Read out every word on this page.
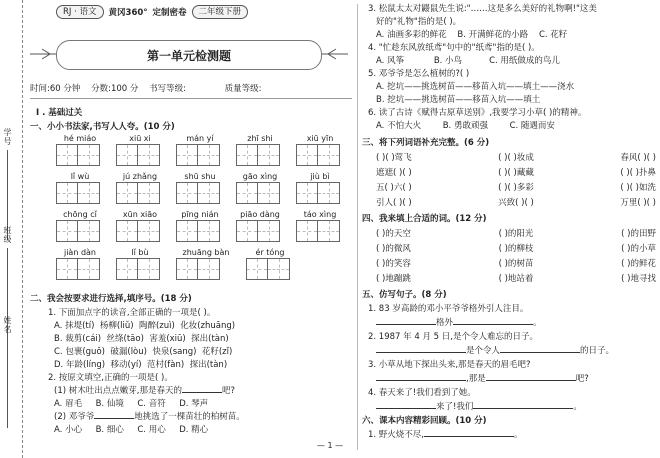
学号
班级
姓名
RJ · 语文	黄冈360° 定制密卷	二年级下册
第一单元检测题
时间:60 分钟 分数:100 分 书写等级:	质量等级:
Ⅰ . 基础过关
一、小小书法家,书写人人夸。(10 分)
hé miáo	xiū xi	mán yí	zhī shi	xiū yīn
lǐ wù	jú zhǎng	shū shu	gāo xìng	jiù bì
chōng cǐ	xūn xiāo	pīng nián	piāo dàng	táo xìng
jiàn dàn	lǐ bù	zhuāng bàn	ér tóng
二、我会按要求进行选择,填序号。(18 分)
1. 下面加点字的读音,全部正确的一项是( )。
A. 抹堤(tí) 杨柳(liǔ) 陶醉(zuì) 化妆(zhuāng)
B. 裁剪(cái) 丝绦(tāo) 害羞(xiū) 探出(tàn)
C. 包裹(guǒ) 破漏(lòu) 快泉(sang) 花籽(zǐ)
D. 年龄(líng) 移动(yí) 范村(fàn) 探出(tàn)
2. 按原文填空,正确的一项是( )。
(1) 树木吐出点点嫩芽,那是春天的	吧?
A. 眉毛 B. 仙境 C. 音符 D. 琴声
(2) 邓爷爷	地挑选了一棵苗壮的柏树苗。
A. 小心 B. 细心 C. 用心 D. 精心
3. 松鼠太太对鼹鼠先生说:"……这是多么美好的礼物啊!"这美
好的"礼物"指的是( )。
A. 油画多彩的鲜花 B. 开满鲜花的小路 C. 花籽
4. "忙趁东风放纸鸢"句中的"纸鸢"指的是( )。
A. 风筝	B. 小鸟	C. 用纸做成的鸟儿
5. 邓爷爷是怎么植树的?( )
A. 挖坑——挑选树苗——移苗入坑——填土——浇水
B. 挖坑——挑选树苗——移苗入坑——填土
6. 读了古诗《赋得古原草送别》,我要学习小草( )的精神。
A. 不怕大火	B. 勇敢顽强	C. 随遇而安
三、将下列词语补充完整。(6 分)
( )( )莺飞	( )( )妆成	春风( )( )
遮遮( )( )	( )( )藏藏	( )( )扑鼻
五( )六( )	( )( )多彩	( )( )如洗
引人( )( )	兴致( )( )	万里( )( )
四、我来填上合适的词。(12 分)
( )的天空	( )的阳光	( )的田野
( )的微风	( )的柳枝	( )的小草
( )的笑容	( )的树苗	( )的鲜花
( )地蹦跳	( )地站着	( )地寻找
五、仿写句子。(8 分)
1. 83 岁高龄的邓小平爷爷格外引人注目。
格外	。
2. 1987 年 4 月 5 日,是个令人难忘的日子。
是个令人	的日子。
3. 小草从地下探出头来,那是春天的眉毛吧?
,那是	吧?
4. 春天来了!我们看到了她。
来了!我们	。
六、课本内容精彩回顾。(10 分)
1. 野火烧不尽,	。
— 1 —
